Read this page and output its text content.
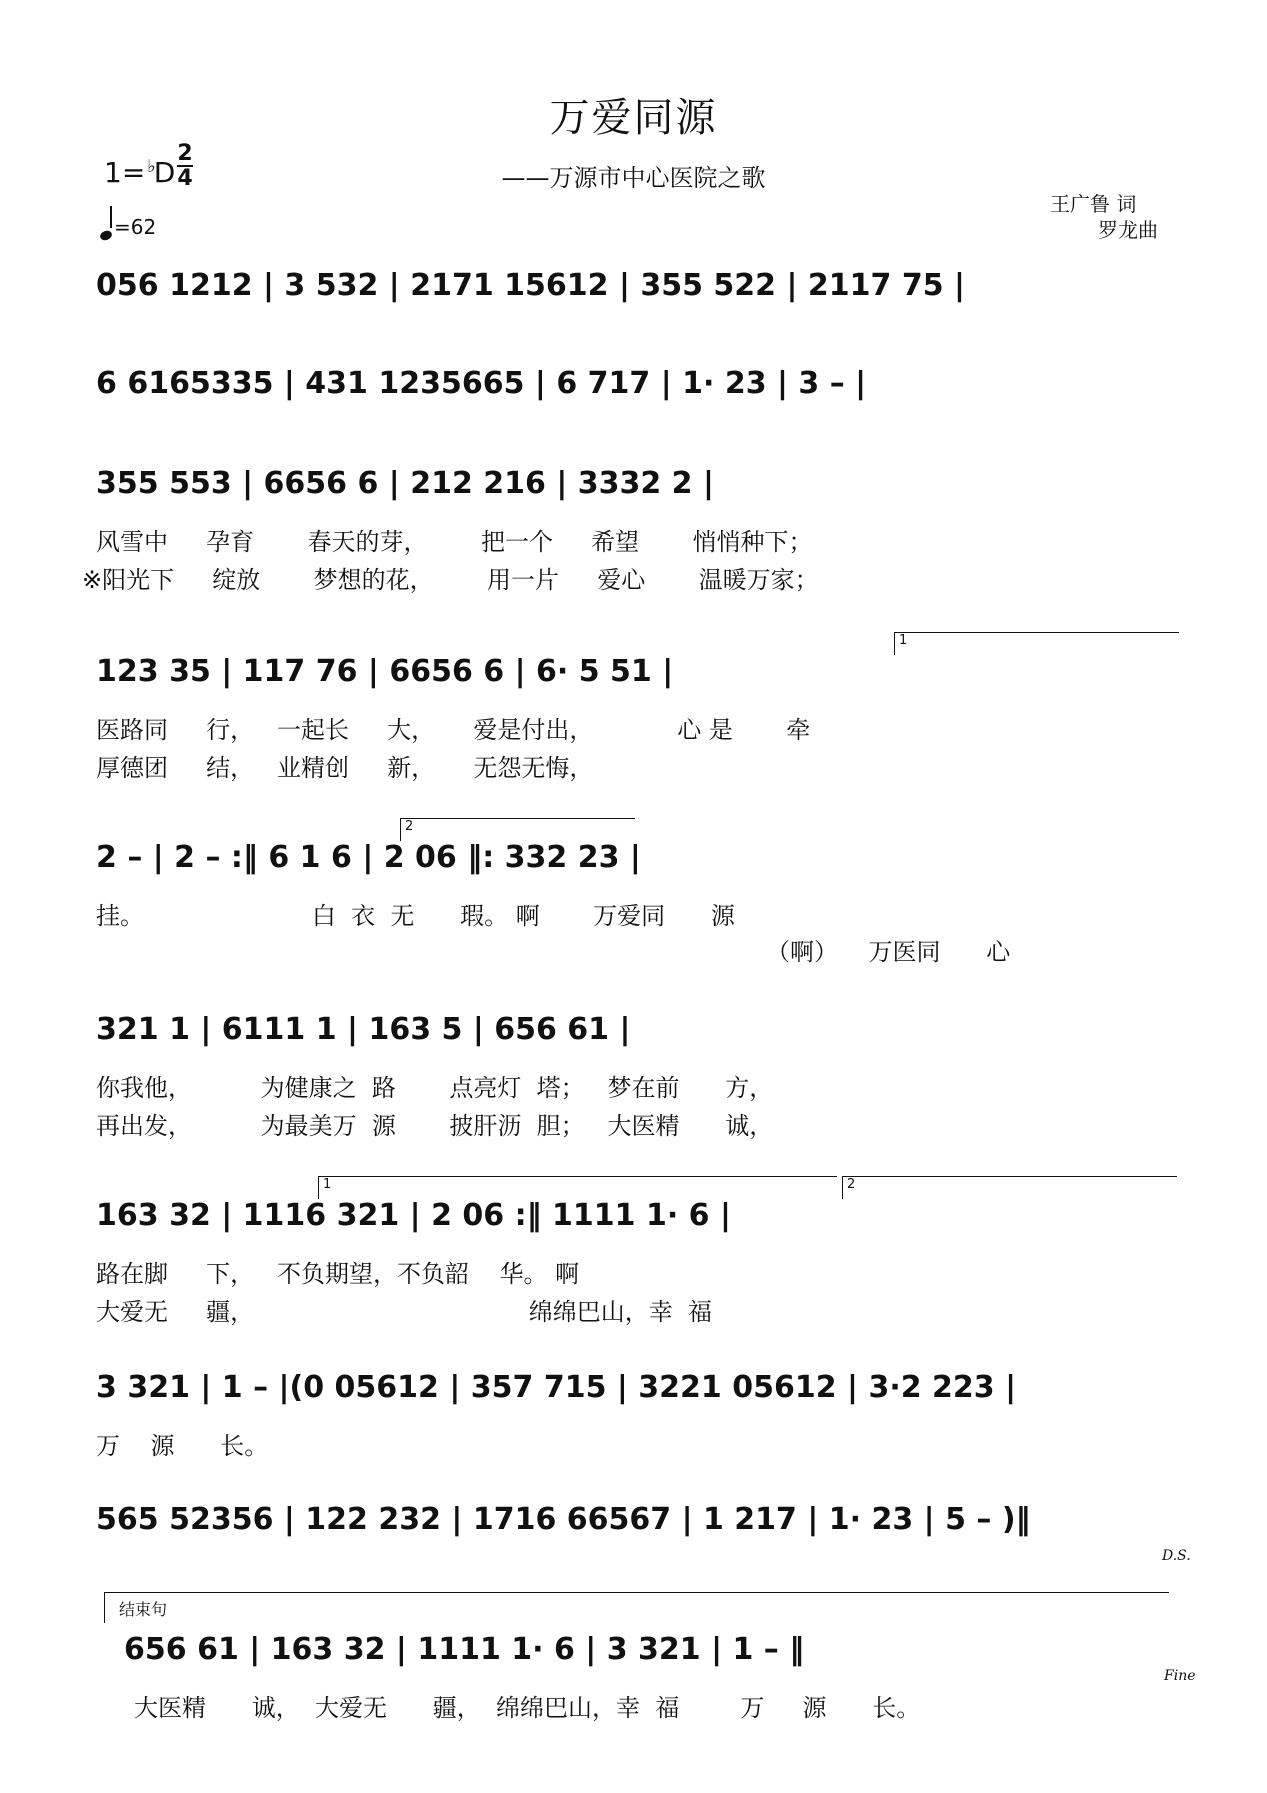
万爱同源
——万源市中心医院之歌
1= ♭D
2
4
=62
王广鲁 词
罗龙曲
056 1212 | 3 532 | 2171 15612 | 355 522 | 2117 75 |
6 6165335 | 431 1235665 | 6 717 | 1· 23 | 3 – |
355 553 | 6656 6 | 212 216 | 3332 2 |
风雪中     孕育       春天的芽，       把一个     希望       悄悄种下；
※阳光下     绽放       梦想的花，       用一片     爱心       温暖万家；
123 35 | 117 76 | 6656 6 | 6· 5 51 |
1
医路同     行，   一起长     大，     爱是付出，           心 是       牵
厚德团     结，   业精创     新，     无怨无悔，
2 – | 2 – :‖ 6 1 6 | 2 06 ‖: 332 23 |
2
挂。                      白  衣  无      瑕。 啊       万爱同      源
（啊）    万医同      心
321 1 | 6111 1 | 163 5 | 656 61 |
你我他，         为健康之  路       点亮灯  塔；   梦在前      方，
再出发，         为最美万  源       披肝沥  胆；   大医精      诚，
163 32 | 1116 321 | 2 06 :‖ 1111 1· 6 |
1	2
路在脚     下，   不负期望，不负韶    华。 啊
大爱无     疆，                                    绵绵巴山，幸  福
3 321 | 1 – |(0 05612 | 357 715 | 3221 05612 | 3·2 223 |
万    源      长。
565 52356 | 122 232 | 1716 66567 | 1 217 | 1· 23 | 5 – )‖
D.S.
结束句
656 61 | 163 32 | 1111 1· 6 | 3 321 | 1 – ‖
大医精      诚，  大爱无      疆，  绵绵巴山，幸  福        万     源      长。
Fine
